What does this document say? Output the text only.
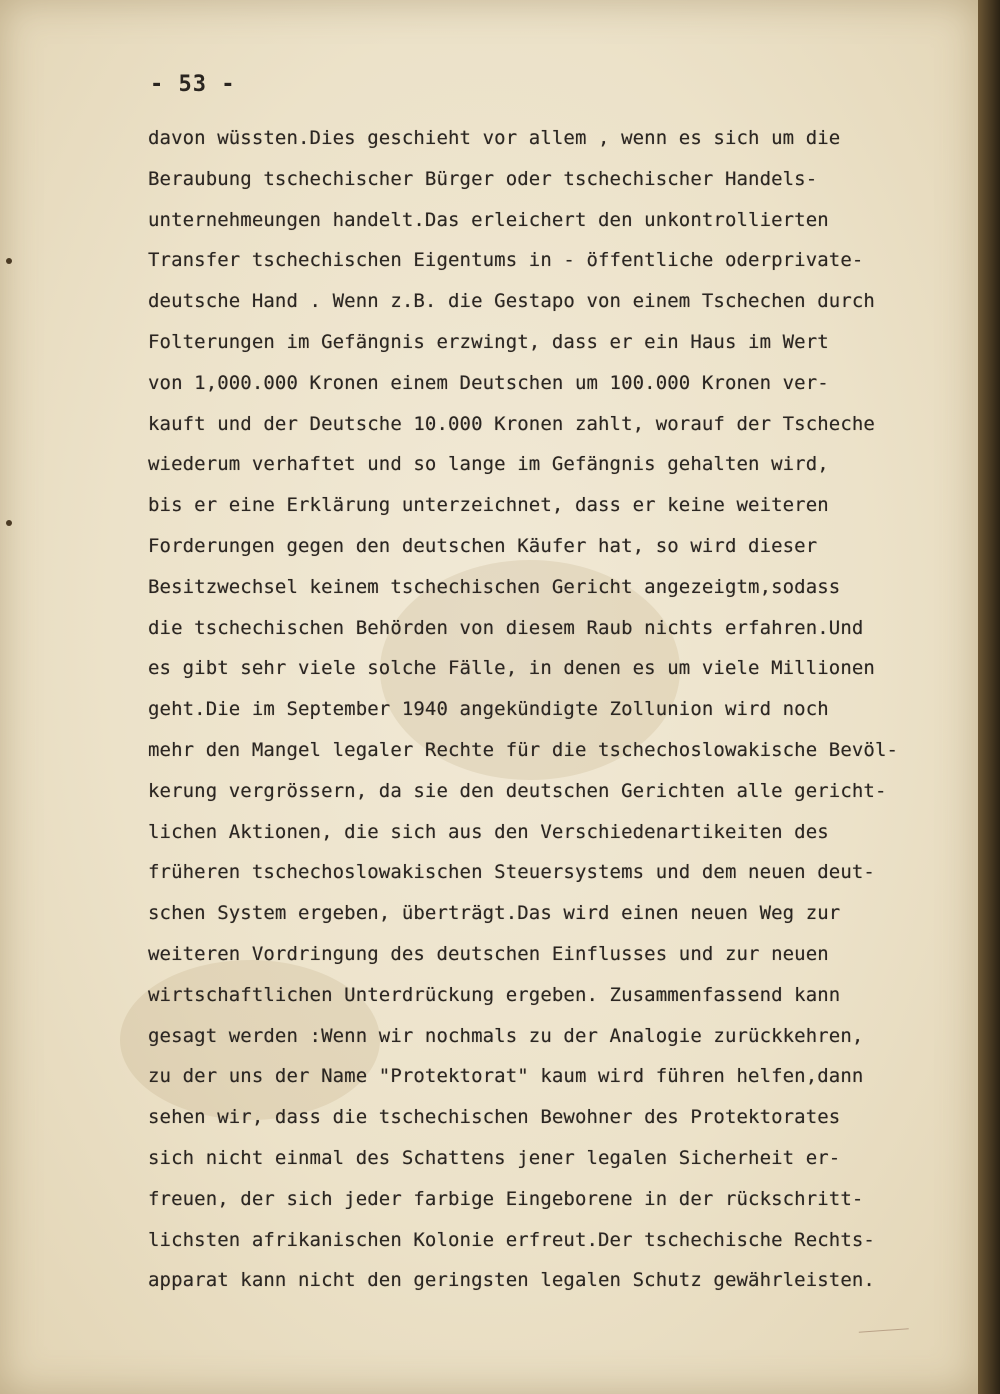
- 53 -
davon wüssten.Dies geschieht vor allem , wenn es sich um die
Beraubung tschechischer Bürger oder tschechischer Handels-
unternehmeungen handelt.Das erleichert den unkontrollierten
Transfer tschechischen Eigentums in - öffentliche oderprivate-
deutsche Hand . Wenn z.B. die Gestapo von einem Tschechen durch
Folterungen im Gefängnis erzwingt, dass er ein Haus im Wert
von 1,000.000 Kronen einem Deutschen um 100.000 Kronen ver-
kauft und der Deutsche 10.000 Kronen zahlt, worauf der Tscheche
wiederum verhaftet und so lange im Gefängnis gehalten wird,
bis er eine Erklärung unterzeichnet, dass er keine weiteren
Forderungen gegen den deutschen Käufer hat, so wird dieser
Besitzwechsel keinem tschechischen Gericht angezeigtm,sodass
die tschechischen Behörden von diesem Raub nichts erfahren.Und
es gibt sehr viele solche Fälle, in denen es um viele Millionen
geht.Die im September 1940 angekündigte Zollunion wird noch
mehr den Mangel legaler Rechte für die tschechoslowakische Bevöl-
kerung vergrössern, da sie den deutschen Gerichten alle gericht-
lichen Aktionen, die sich aus den Verschiedenartikeiten des
früheren tschechoslowakischen Steuersystems und dem neuen deut-
schen System ergeben, überträgt.Das wird einen neuen Weg zur
weiteren Vordringung des deutschen Einflusses und zur neuen
wirtschaftlichen Unterdrückung ergeben. Zusammenfassend kann
gesagt werden :Wenn wir nochmals zu der Analogie zurückkehren,
zu der uns der Name "Protektorat" kaum wird führen helfen,dann
sehen wir, dass die tschechischen Bewohner des Protektorates
sich nicht einmal des Schattens jener legalen Sicherheit er-
freuen, der sich jeder farbige Eingeborene in der rückschritt-
lichsten afrikanischen Kolonie erfreut.Der tschechische Rechts-
apparat kann nicht den geringsten legalen Schutz gewährleisten.
